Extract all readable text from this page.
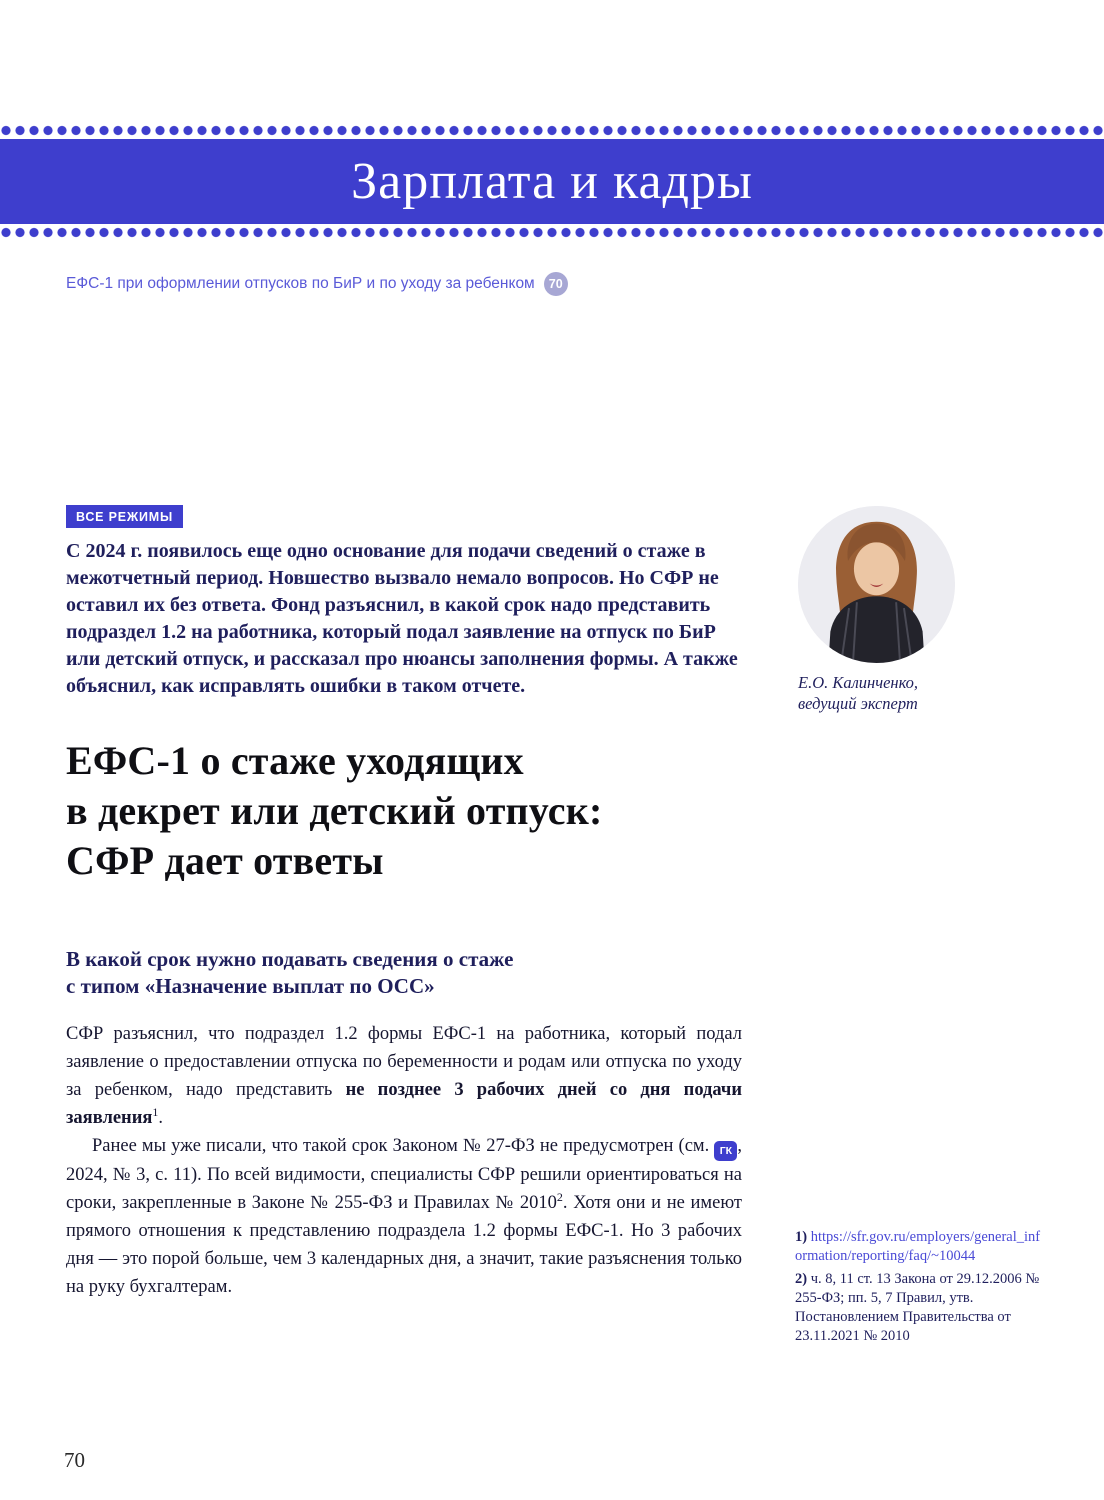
Зарплата и кадры
ЕФС-1 при оформлении отпусков по БиР и по уходу за ребенком	70
ВСЕ РЕЖИМЫ
С 2024 г. появилось еще одно основание для подачи сведений о стаже в межотчетный период. Новшество вызвало немало вопросов. Но СФР не оставил их без ответа. Фонд разъяснил, в какой срок надо представить подраздел 1.2 на работника, который подал заявление на отпуск по БиР или детский отпуск, и рассказал про нюансы заполнения формы. А также объяснил, как исправлять ошибки в таком отчете.
ЕФС-1 о стаже уходящих
в декрет или детский отпуск:
СФР дает ответы
В какой срок нужно подавать сведения о стаже
с типом «Назначение выплат по ОСС»

СФР разъяснил, что подраздел 1.2 формы ЕФС-1 на работника, который подал заявление о предоставлении отпуска по беременности и родам или отпуска по уходу за ребенком, надо представить не позднее 3 рабочих дней со дня подачи заявления$^1$.

Ранее мы уже писали, что такой срок Законом № 27-ФЗ не предусмотрен (см. ГК , 2024, № 3, с. 11). По всей видимости, специалисты СФР решили ориентироваться на сроки, закрепленные в Законе № 255-ФЗ и Правилах № 2010$^2$. Хотя они и не имеют прямого отношения к представлению подраздела 1.2 формы ЕФС-1. Но 3 рабочих дня — это порой больше, чем 3 календарных дня, а значит, такие разъяснения только на руку бухгалтерам.

Е.О. Калинченко,
ведущий эксперт
1) https://sfr.gov.ru/employers/general_information/reporting/faq/~10044
2) ч. 8, 11 ст. 13 Закона от 29.12.2006 № 255-ФЗ; пп. 5, 7 Правил, утв. Постановлением Правительства от 23.11.2021 № 2010
70
